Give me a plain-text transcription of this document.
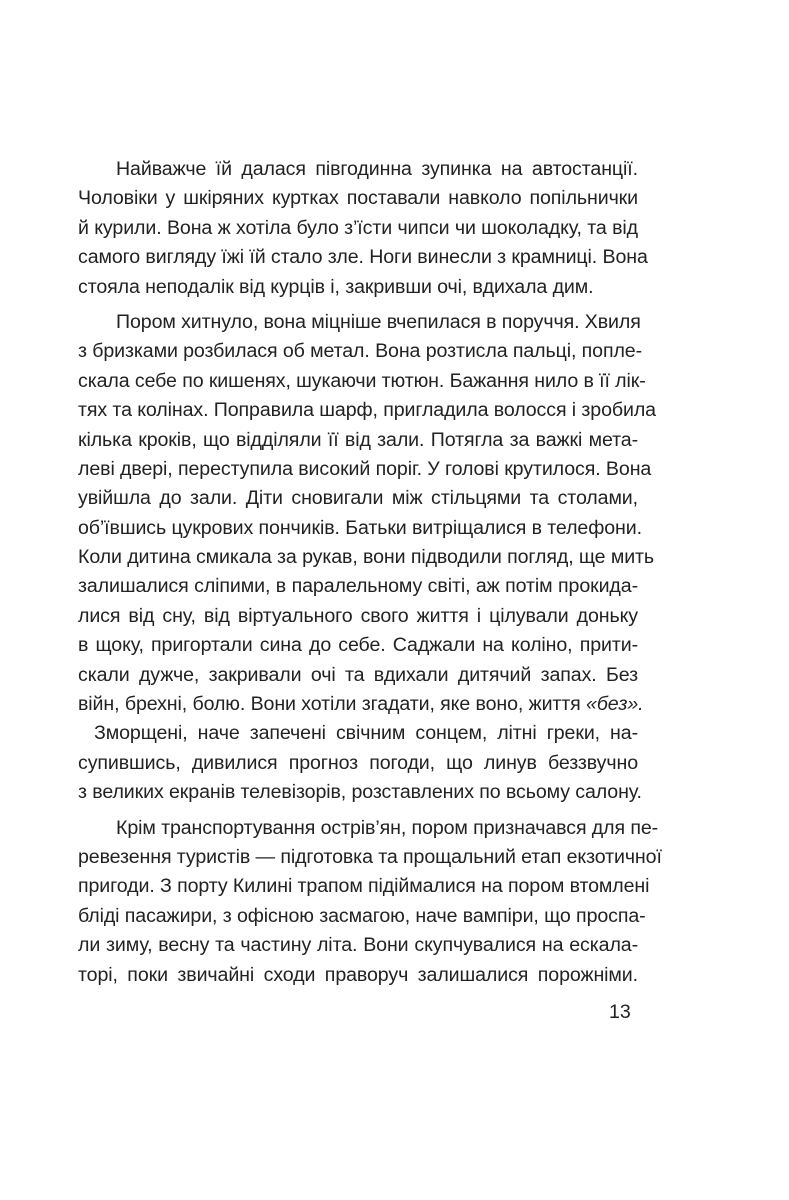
Найважче їй далася півгодинна зупинка на автостанції.
Чоловіки у шкіряних куртках поставали навколо попільнички
й курили. Вона ж хотіла було з’їсти чипси чи шоколадку, та від
самого вигляду їжі їй стало зле. Ноги винесли з крамниці. Вона
стояла неподалік від курців і, закривши очі, вдихала дим.
Пором хитнуло, вона міцніше вчепилася в поруччя. Хвиля
з бризками розбилася об метал. Вона розтисла пальці, попле-
скала себе по кишенях, шукаючи тютюн. Бажання нило в її лік-
тях та колінах. Поправила шарф, пригладила волосся і зробила
кілька кроків, що відділяли її від зали. Потягла за важкі мета-
леві двері, переступила високий поріг. У голові крутилося. Вона
увійшла до зали. Діти сновигали між стільцями та столами,
об’ївшись цукрових пончиків. Батьки витріщалися в телефони.
Коли дитина смикала за рукав, вони підводили погляд, ще мить
залишалися сліпими, в паралельному світі, аж потім прокида-
лися від сну, від віртуального свого життя і цілували доньку
в щоку, пригортали сина до себе. Саджали на коліно, прити-
скали дужче, закривали очі та вдихали дитячий запах. Без
війн, брехні, болю. Вони хотіли згадати, яке воно, життя «без».
Зморщені, наче запечені свічним сонцем, літні греки, на-
супившись, дивилися прогноз погоди, що линув беззвучно
з великих екранів телевізорів, розставлених по всьому салону.
Крім транспортування острів’ян, пором призначався для пе-
ревезення туристів — підготовка та прощальний етап екзотичної
пригоди. З порту Килині трапом підіймалися на пором втомлені
бліді пасажири, з офісною засмагою, наче вампіри, що проспа-
ли зиму, весну та частину літа. Вони скупчувалися на ескала-
торі, поки звичайні сходи праворуч залишалися порожніми.
13
